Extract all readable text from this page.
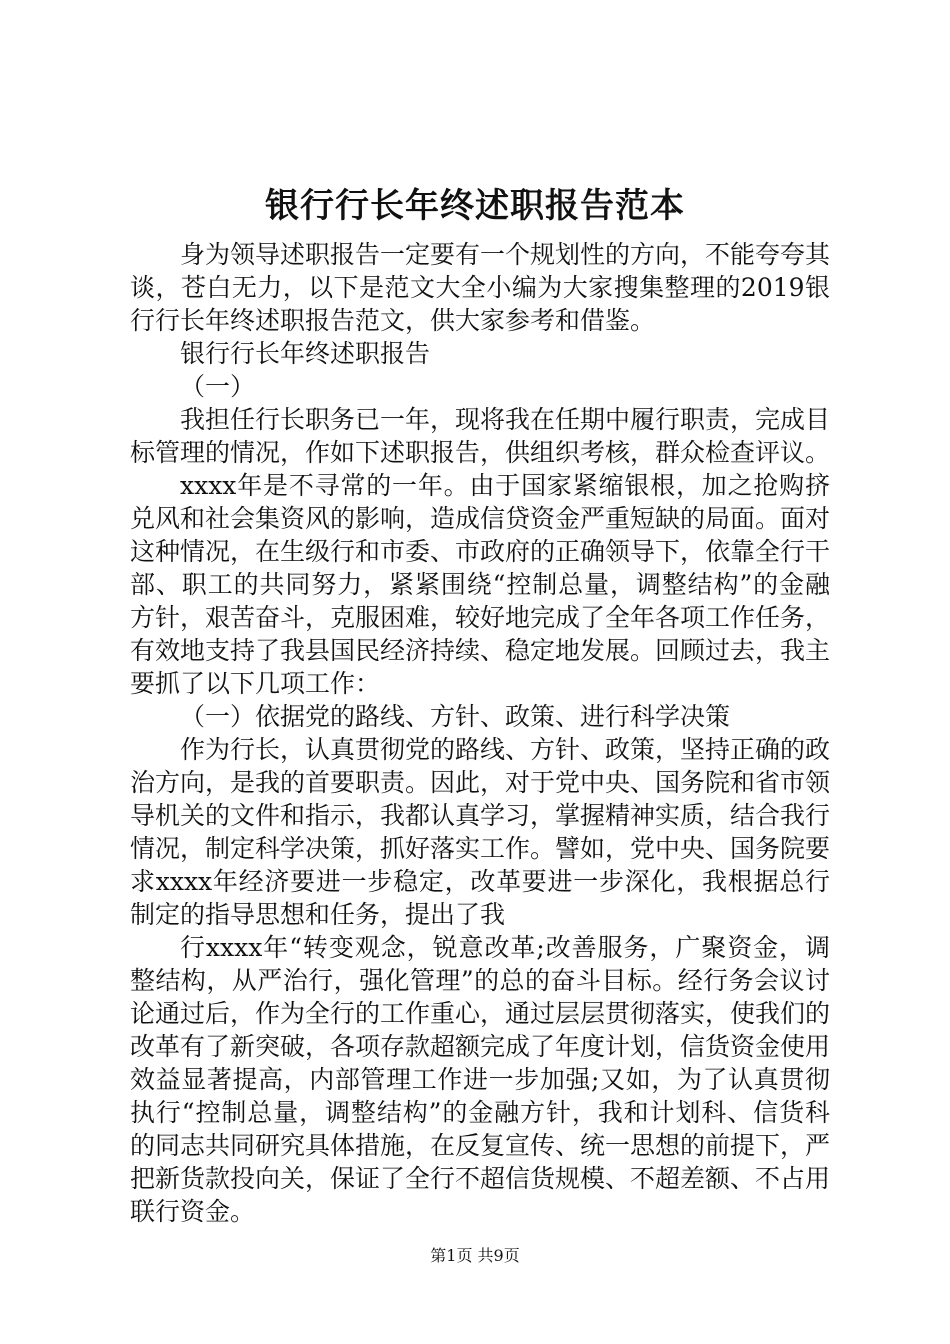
银行行长年终述职报告范本

身为领导述职报告一定要有一个规划性的方向，不能夸夸其谈，苍白无力，以下是范文大全小编为大家搜集整理的2019银行行长年终述职报告范文，供大家参考和借鉴。

银行行长年终述职报告

（一）

我担任行长职务已一年，现将我在任期中履行职责，完成目标管理的情况，作如下述职报告，供组织考核，群众检查评议。

xxxx年是不寻常的一年。由于国家紧缩银根，加之抢购挤兑风和社会集资风的影响，造成信贷资金严重短缺的局面。面对这种情况，在生级行和市委、市政府的正确领导下，依靠全行干部、职工的共同努力，紧紧围绕“控制总量，调整结构”的金融方针，艰苦奋斗，克服困难，较好地完成了全年各项工作任务，有效地支持了我县国民经济持续、稳定地发展。回顾过去，我主要抓了以下几项工作：

（一）依据党的路线、方针、政策、进行科学决策

作为行长，认真贯彻党的路线、方针、政策，坚持正确的政治方向，是我的首要职责。因此，对于党中央、国务院和省市领导机关的文件和指示，我都认真学习，掌握精神实质，结合我行情况，制定科学决策，抓好落实工作。譬如，党中央、国务院要求xxxx年经济要进一步稳定，改革要进一步深化，我根据总行制定的指导思想和任务，提出了我

行xxxx年“转变观念，锐意改革;改善服务，广聚资金，调整结构，从严治行，强化管理”的总的奋斗目标。经行务会议讨论通过后，作为全行的工作重心，通过层层贯彻落实，使我们的改革有了新突破，各项存款超额完成了年度计划，信货资金使用效益显著提高，内部管理工作进一步加强;又如，为了认真贯彻执行“控制总量，调整结构”的金融方针，我和计划科、信货科的同志共同研究具体措施，在反复宣传、统一思想的前提下，严把新货款投向关，保证了全行不超信货规模、不超差额、不占用联行资金。

第1页 共9页
